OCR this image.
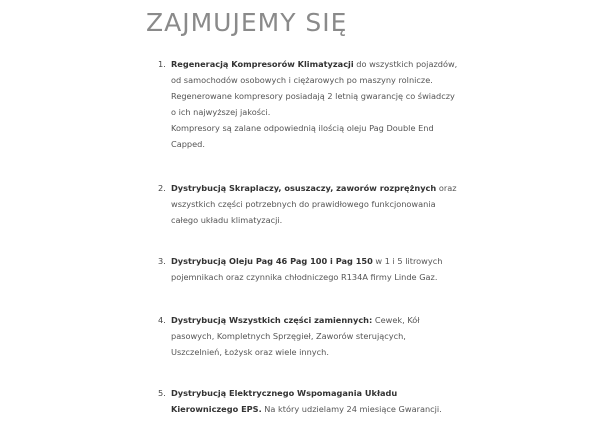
ZAJMUJEMY SIĘ
1. Regeneracją Kompresorów Klimatyzacji do wszystkich pojazdów, od samochodów osobowych i ciężarowych po maszyny rolnicze. Regenerowane kompresory posiadają 2 letnią gwarancję co świadczy o ich najwyższej jakości.
Kompresory są zalane odpowiednią ilością oleju Pag Double End Capped.
2. Dystrybucją Skraplaczy, osuszaczy, zaworów rozprężnych oraz wszystkich części potrzebnych do prawidłowego funkcjonowania całego układu klimatyzacji.
3. Dystrybucją Oleju Pag 46 Pag 100 i Pag 150 w 1 i 5 litrowych pojemnikach oraz czynnika chłodniczego R134A firmy Linde Gaz.
4. Dystrybucją Wszystkich części zamiennych: Cewek, Kół pasowych, Kompletnych Sprzęgieł, Zaworów sterujących, Uszczelnień, Łożysk oraz wiele innych.
5. Dystrybucją Elektrycznego Wspomagania Układu Kierowniczego EPS. Na który udzielamy 24 miesiące Gwarancji.
